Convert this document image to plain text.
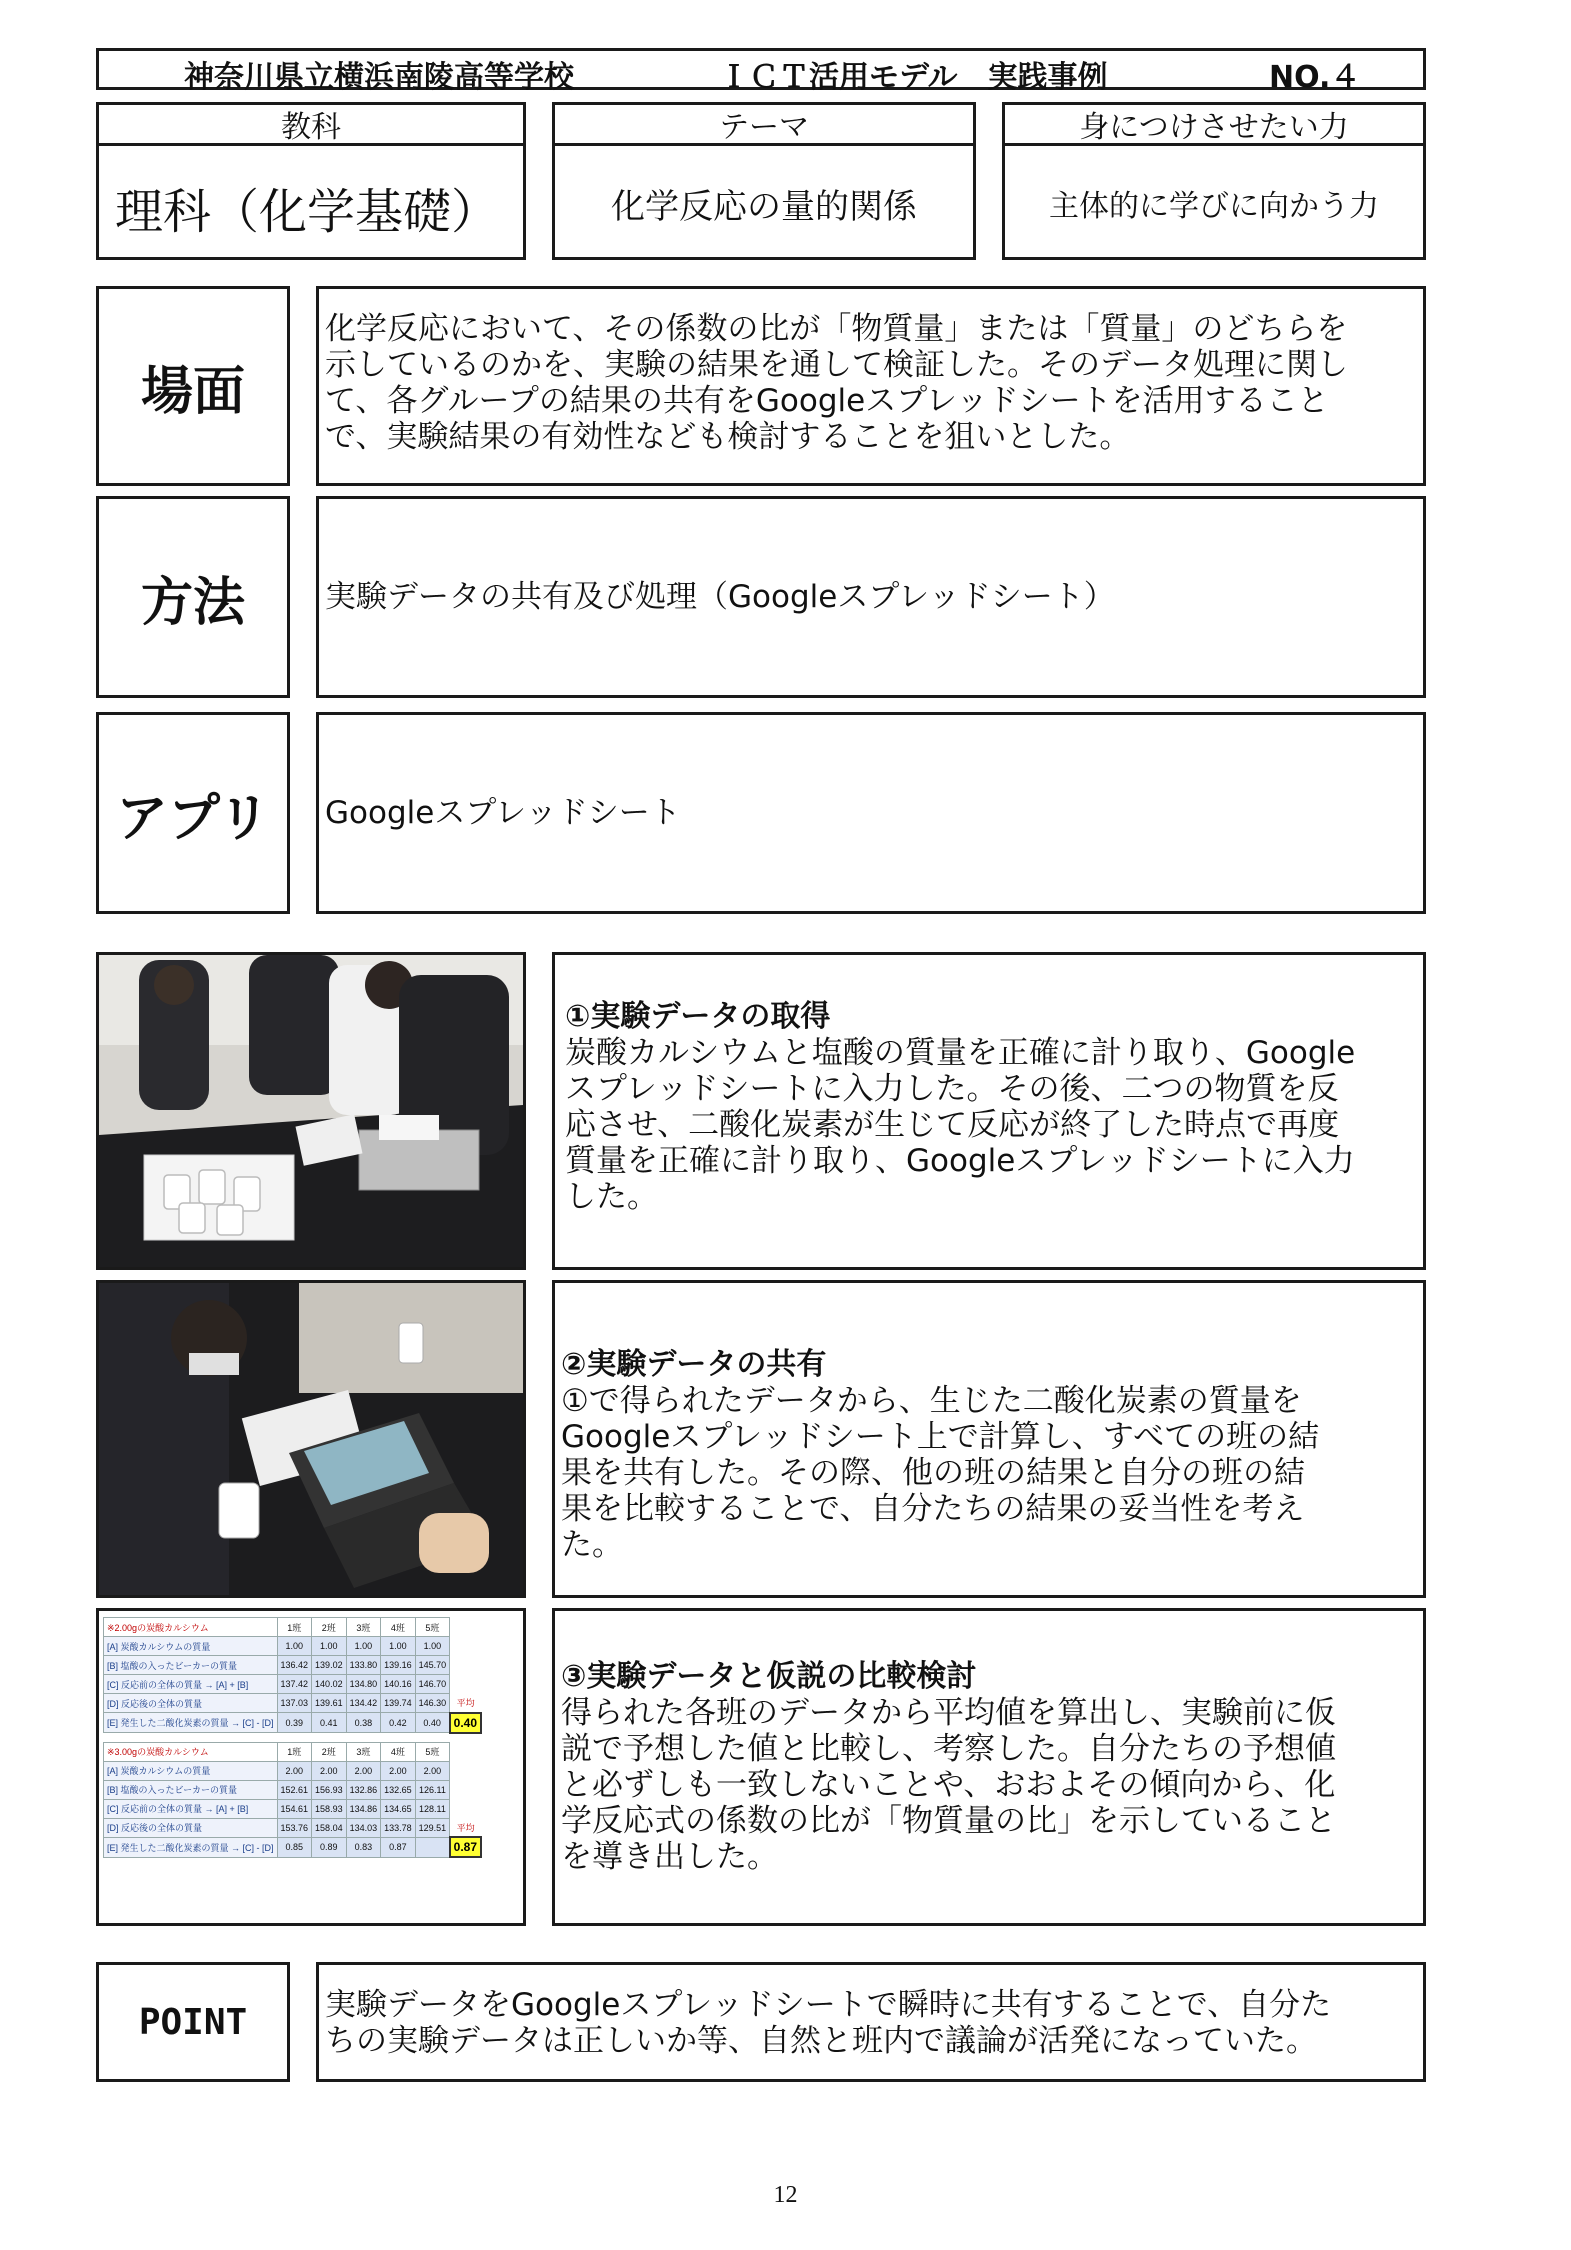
神奈川県立横浜南陵高等学校	ＩＣＴ活用モデル　実践事例	NO.４
教科
理科（化学基礎）
テーマ
化学反応の量的関係
身につけさせたい力
主体的に学びに向かう力
場面
化学反応において、その係数の比が「物質量」または「質量」のどちらを
示しているのかを、実験の結果を通して検証した。そのデータ処理に関し
て、各グループの結果の共有をGoogleスプレッドシートを活用すること
で、実験結果の有効性なども検討することを狙いとした。
方法	実験データの共有及び処理（Googleスプレッドシート）
アプリ Googleスプレッドシート
①実験データの取得
炭酸カルシウムと塩酸の質量を正確に計り取り、Google
スプレッドシートに入力した。その後、二つの物質を反
応させ、二酸化炭素が生じて反応が終了した時点で再度
質量を正確に計り取り、Googleスプレッドシートに入力
した。
②実験データの共有
①で得られたデータから、生じた二酸化炭素の質量を
Googleスプレッドシート上で計算し、すべての班の結
果を共有した。その際、他の班の結果と自分の班の結
果を比較することで、自分たちの結果の妥当性を考え
た。
※2.00gの炭酸カルシウム	1班	2班	3班	4班	5班	
[A] 炭酸カルシウムの質量	1.00	1.00	1.00	1.00	1.00	
[B] 塩酸の入ったビーカーの質量	136.42	139.02	133.80	139.16	145.70	
[C] 反応前の全体の質量 → [A] + [B]	137.42	140.02	134.80	140.16	146.70	
[D] 反応後の全体の質量	137.03	139.61	134.42	139.74	146.30	平均
[E] 発生した二酸化炭素の質量 → [C] - [D]	0.39	0.41	0.38	0.42	0.40	0.40
※3.00gの炭酸カルシウム	1班	2班	3班	4班	5班	
[A] 炭酸カルシウムの質量	2.00	2.00	2.00	2.00	2.00	
[B] 塩酸の入ったビーカーの質量	152.61	156.93	132.86	132.65	126.11	
[C] 反応前の全体の質量 → [A] + [B]	154.61	158.93	134.86	134.65	128.11	
[D] 反応後の全体の質量	153.76	158.04	134.03	133.78	129.51	平均
[E] 発生した二酸化炭素の質量 → [C] - [D]	0.85	0.89	0.83	0.87		0.87
③実験データと仮説の比較検討
得られた各班のデータから平均値を算出し、実験前に仮
説で予想した値と比較し、考察した。自分たちの予想値
と必ずしも一致しないことや、おおよその傾向から、化
学反応式の係数の比が「物質量の比」を示していること
を導き出した。
POINT	実験データをGoogleスプレッドシートで瞬時に共有することで、自分た
ちの実験データは正しいか等、自然と班内で議論が活発になっていた。
12
